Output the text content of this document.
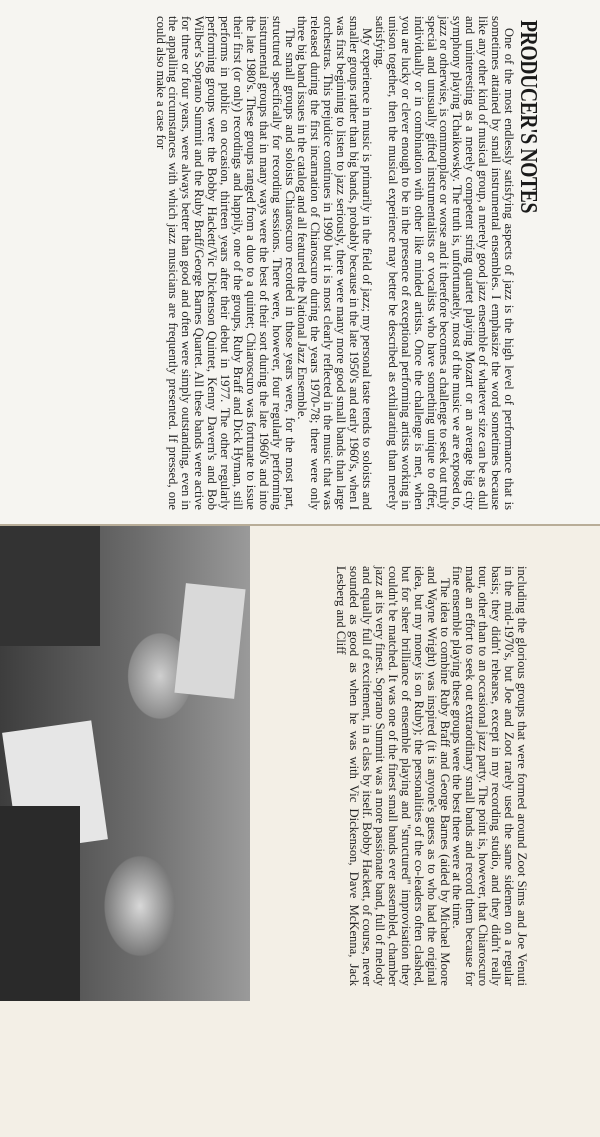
PRODUCER'S NOTES

One of the most endlessly satisfying aspects of jazz is the high level of performance that is sometimes attained by small instrumental ensembles. I emphasize the word sometimes because like any other kind of musical group, a merely good jazz ensemble of whatever size can be as dull and uninteresting as a merely competent string quartet playing Mozart or an average big city symphony playing Tchaikowsky. The truth is, unfortunately, most of the music we are exposed to, jazz or otherwise, is commonplace or worse and it therefore becomes a challenge to seek out truly special and unusually gifted instrumentalists or vocalists who have something unique to offer, individually or in combination with other like minded artists. Once the challenge is met, when you are lucky or clever enough to be in the presence of exceptional performing artists working in unison together, then the musical experience may better be described as exhilarating than merely satisfying.

My experience in music is primarily in the field of jazz; my personal taste tends to soloists and smaller groups rather than big bands, probably because in the late 1950's and early 1960's, when I was first beginning to listen to jazz seriously, there were many more good small bands than large orchestras. This prejudice continues in 1990 but it is most clearly reflected in the music that was released during the first incarnation of Chiaroscuro during the years 1970-78; there were only three big band issues in the catalog and all featured the National Jazz Ensemble.

The small groups and soloists Chiaroscuro recorded in those years were, for the most part, structured specifically for recording sessions. There were, however, four regularly performing instrumental groups that in many ways were the best of their sort during the late 1960's and into the late 1980's. These groups ranged from a duo to a quintet; Chiaroscuro was fortunate to issue their first (or only) recordings and happily, one of the groups, Ruby Braff and Dick Hyman, still performs in public on occasion, thirteen years after their debut in 1977. The other regularly performing groups were the Bobby Hackett/Vic Dickenson Quintet, Kenny Davern's and Bob Wilber's Soprano Summit and the Ruby Braff/George Barnes Quartet. All these bands were active for three or four years, were always better than good and often were simply outstanding, even in the appalling circumstances with which jazz musicians are frequently presented. If pressed, one could also make a case for

including the glorious groups that were formed around Zoot Sims and Joe Venuti in the mid-1970's, but Joe and Zoot rarely used the same sidemen on a regular basis; they didn't rehearse, except in my recording studio, and they didn't really tour, other than to an occasional jazz party. The point is, however, that Chiaroscuro made an effort to seek out extraordinary small bands and record them because for fine ensemble playing these groups were the best there were at the time.

The idea to combine Ruby Braff and George Barnes (aided by Michael Moore and Wayne Wright) was inspired (it is anyone's guess as to who had the original idea, but my money is on Ruby); the personalities of the co-leaders often clashed, but for sheer brilliance of ensemble playing and "structured" improvisation they couldn't be matched. It was one of the finest small bands ever assembled, chamber jazz at its very finest. Soprano Summit was a more passionate band, full of melody and equally full of excitement, in a class by itself. Bobby Hackett, of course, never sounded as good as when he was with Vic Dickenson, Dave McKenna, Jack Lesberg and Cliff
